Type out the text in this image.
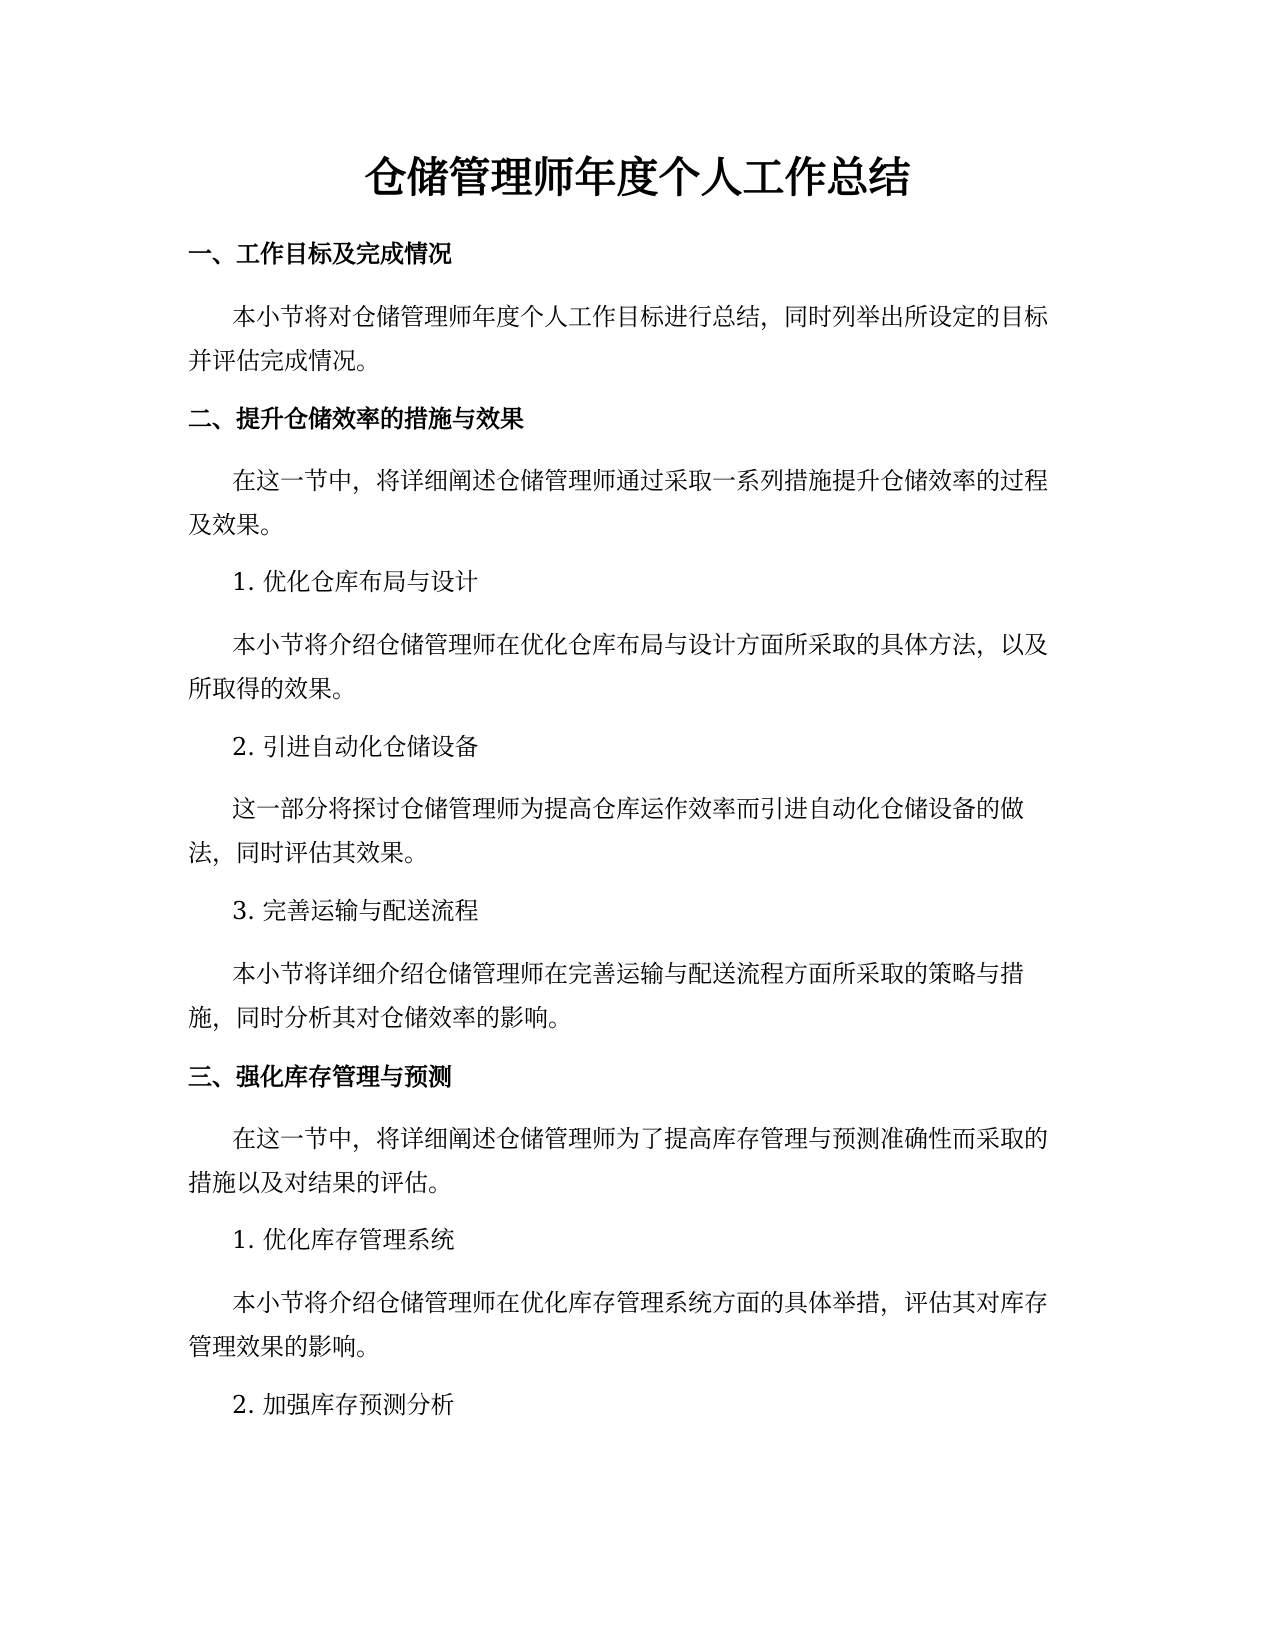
仓储管理师年度个人工作总结
一、工作目标及完成情况

本小节将对仓储管理师年度个人工作目标进行总结，同时列举出所设定的目标
并评估完成情况。

二、提升仓储效率的措施与效果

在这一节中，将详细阐述仓储管理师通过采取一系列措施提升仓储效率的过程
及效果。

1. 优化仓库布局与设计

本小节将介绍仓储管理师在优化仓库布局与设计方面所采取的具体方法，以及
所取得的效果。

2. 引进自动化仓储设备

这一部分将探讨仓储管理师为提高仓库运作效率而引进自动化仓储设备的做
法，同时评估其效果。

3. 完善运输与配送流程

本小节将详细介绍仓储管理师在完善运输与配送流程方面所采取的策略与措
施，同时分析其对仓储效率的影响。

三、强化库存管理与预测

在这一节中，将详细阐述仓储管理师为了提高库存管理与预测准确性而采取的
措施以及对结果的评估。

1. 优化库存管理系统

本小节将介绍仓储管理师在优化库存管理系统方面的具体举措，评估其对库存
管理效果的影响。

2. 加强库存预测分析
